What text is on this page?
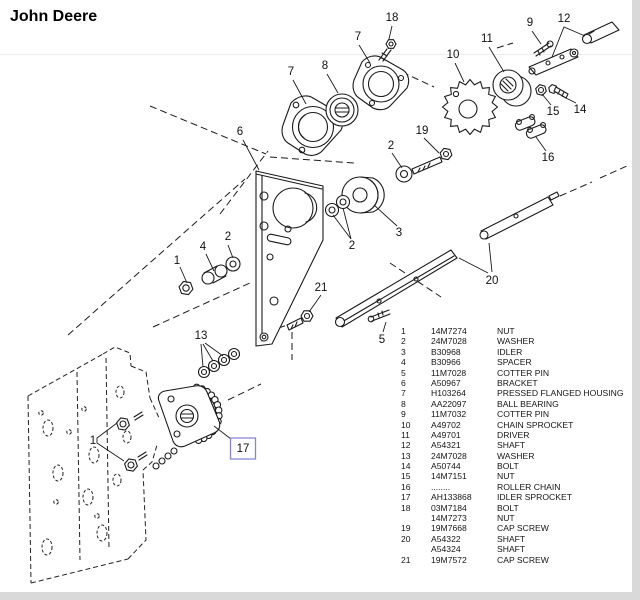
John Deere
1
4
2
6
7 8
7
18
10
11
9 12
15 14
16
19
2
3
2
21
5
20
13
1
17
1	14M7274	NUT
2	24M7028	WASHER
3	B30968	IDLER
4	B30966	SPACER
5	11M7028	COTTER PIN
6	A50967	BRACKET
7	H103264	PRESSED FLANGED HOUSING
8	AA22097	BALL BEARING
9	11M7032	COTTER PIN
10	A49702	CHAIN SPROCKET
11	A49701	DRIVER
12	A54321	SHAFT
13	24M7028	WASHER
14	A50744	BOLT
15	14M7151	NUT
16	........	ROLLER CHAIN
17	AH133868	IDLER SPROCKET
18	03M7184	BOLT
14M7273	NUT
19	19M7668	CAP SCREW
20	A54322	SHAFT
A54324	SHAFT
21	19M7572	CAP SCREW
